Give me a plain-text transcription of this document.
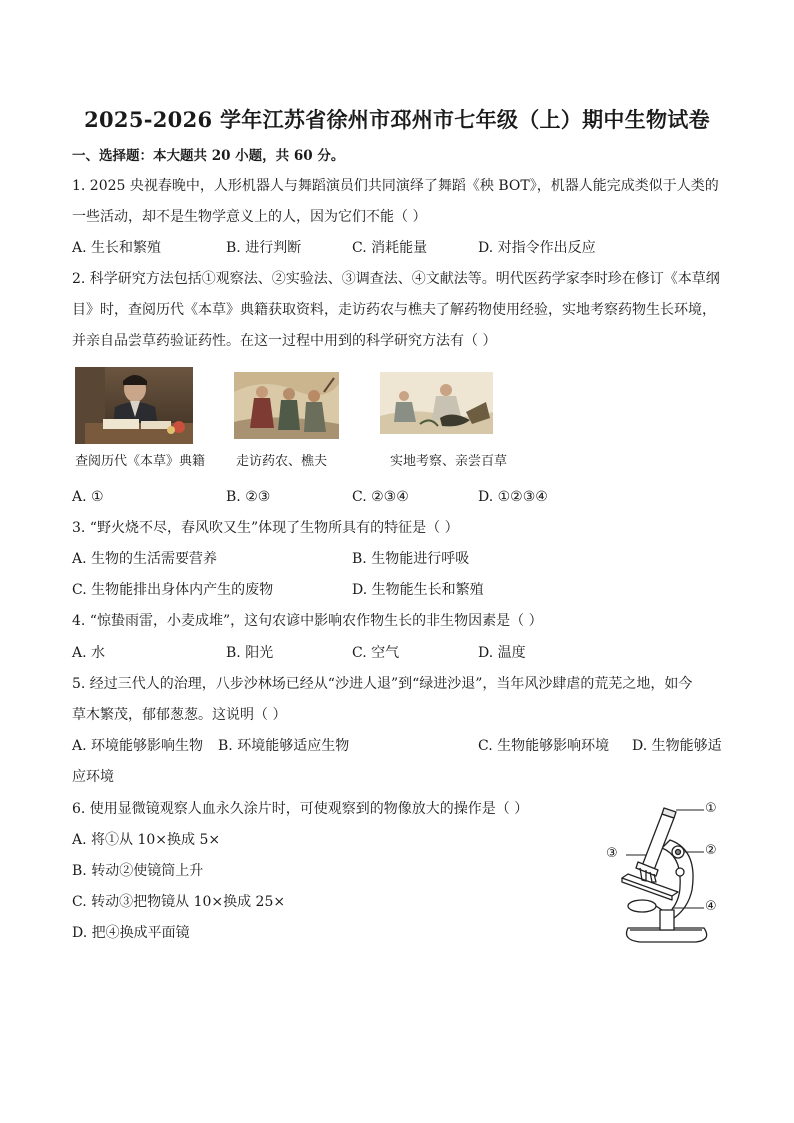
2025-2026 学年江苏省徐州市邳州市七年级（上）期中生物试卷
一、选择题：本大题共 20 小题，共 60 分。
1. 2025 央视春晚中，人形机器人与舞蹈演员们共同演绎了舞蹈《秧 BOT》，机器人能完成类似于人类的
一些活动，却不是生物学意义上的人，因为它们不能（ ）
A. 生长和繁殖	B. 进行判断	C. 消耗能量	D. 对指令作出反应
2. 科学研究方法包括①观察法、②实验法、③调查法、④文献法等。明代医药学家李时珍在修订《本草纲
目》时，查阅历代《本草》典籍获取资料，走访药农与樵夫了解药物使用经验，实地考察药物生长环境，
并亲自品尝草药验证药性。在这一过程中用到的科学研究方法有（ ）
查阅历代《本草》典籍 走访药农、樵夫	实地考察、亲尝百草
A. ①	B. ②③	C. ②③④	D. ①②③④
3. “野火烧不尽，春风吹又生”体现了生物所具有的特征是（ ）
A. 生物的生活需要营养	B. 生物能进行呼吸
C. 生物能排出身体内产生的废物	D. 生物能生长和繁殖
4. “惊蛰雨雷，小麦成堆”，这句农谚中影响农作物生长的非生物因素是（ ）
A. 水	B. 阳光	C. 空气	D. 温度
5. 经过三代人的治理，八步沙林场已经从“沙进人退”到“绿进沙退”，当年风沙肆虐的荒芜之地，如今
草木繁茂，郁郁葱葱。这说明（ ）
A. 环境能够影响生物 B. 环境能够适应生物	C. 生物能够影响环境 D. 生物能够适
应环境
6. 使用显微镜观察人血永久涂片时，可使观察到的物像放大的操作是（ ）
A. 将①从 10×换成 5×
B. 转动②使镜筒上升
C. 转动③把物镜从 10×换成 25×
D. 把④换成平面镜
①
②
③
④
